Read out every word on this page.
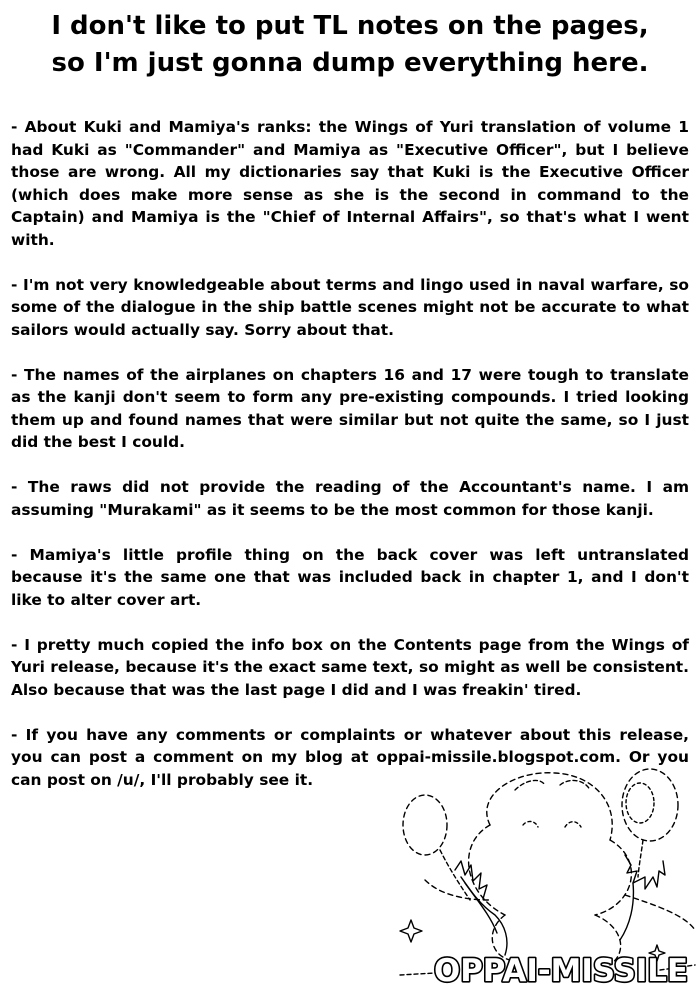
I don't like to put TL notes on the pages,
so I'm just gonna dump everything here.

- About Kuki and Mamiya's ranks: the Wings of Yuri translation of volume 1 had Kuki as "Commander" and Mamiya as "Executive Officer", but I believe those are wrong. All my dictionaries say that Kuki is the Executive Officer (which does make more sense as she is the second in command to the Captain) and Mamiya is the "Chief of Internal Affairs", so that's what I went with.

- I'm not very knowledgeable about terms and lingo used in naval warfare, so some of the dialogue in the ship battle scenes might not be accurate to what sailors would actually say. Sorry about that.

- The names of the airplanes on chapters 16 and 17 were tough to translate as the kanji don't seem to form any pre-existing compounds. I tried looking them up and found names that were similar but not quite the same, so I just did the best I could.

- The raws did not provide the reading of the Accountant's name. I am assuming "Murakami" as it seems to be the most common for those kanji.

- Mamiya's little profile thing on the back cover was left untranslated because it's the same one that was included back in chapter 1, and I don't like to alter cover art.

- I pretty much copied the info box on the Contents page from the Wings of Yuri release, because it's the exact same text, so might as well be consistent. Also because that was the last page I did and I was freakin' tired.

- If you have any comments or complaints or whatever about this release, you can post a comment on my blog at oppai-missile.blogspot.com. Or you can post on /u/, I'll probably see it.

OPPAI-MISSILE
